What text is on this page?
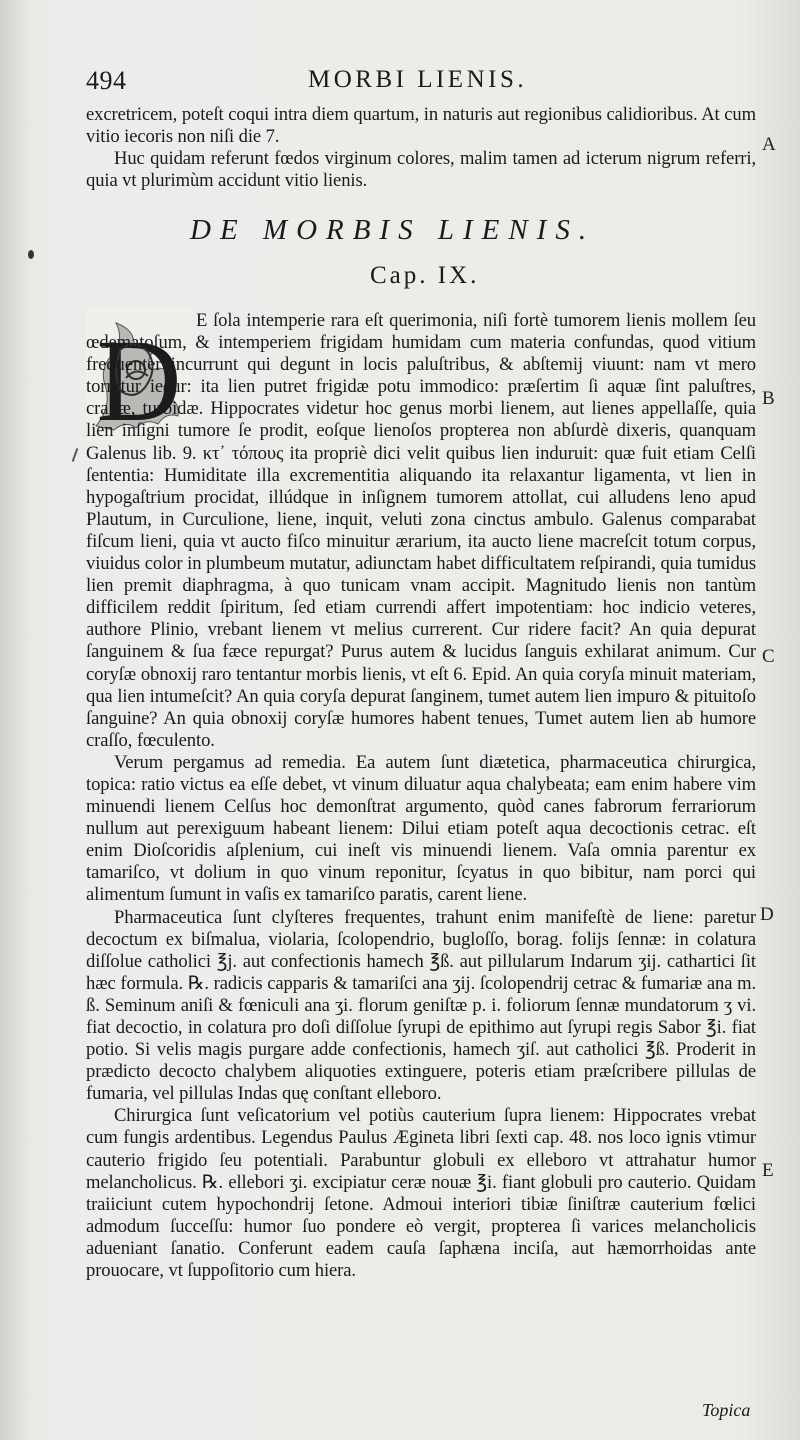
494	MORBI LIENIS.

excretricem, poteſt coqui intra diem quartum, in naturis aut regionibus calidioribus. At cum vitio iecoris non niſi die 7.

Huc quidam referunt fœdos virginum colores, malim tamen ad icterum nigrum referri, quia vt plurimùm accidunt vitio lienis.

DE MORBIS LIENIS.
Cap. IX.
D E ſola intemperie rara eſt querimonia, niſi fortè tumorem lienis mollem ſeu œdematoſum, & intemperiem frigidam humidam cum materia confundas, quod vitium frequenter incurrunt qui degunt in locis paluſtribus, & abſtemij viuunt: nam vt mero torretur iecur: ita lien putret frigidæ potu immodico: præſertim ſi aquæ ſint paluſtres, craſſæ, turbidæ. Hippocrates videtur hoc genus morbi lienem, aut lienes appellaſſe, quia lien inſigni tumore ſe prodit, eoſque lienoſos propterea non abſurdè dixeris, quanquam Galenus lib. 9. κτ᾽ τόπους ita propriè dici velit quibus lien induruit: quæ fuit etiam Celſi ſententia: Humiditate illa excrementitia aliquando ita relaxantur ligamenta, vt lien in hypogaſtrium procidat, illúdque in inſignem tumorem attollat, cui alludens leno apud Plautum, in Curculione, liene, inquit, veluti zona cinctus ambulo. Galenus comparabat fiſcum lieni, quia vt aucto fiſco minuitur ærarium, ita aucto liene macreſcit totum corpus, viuidus color in plumbeum mutatur, adiunctam habet difficultatem reſpirandi, quia tumidus lien premit diaphragma, à quo tunicam vnam accipit. Magnitudo lienis non tantùm difficilem reddit ſpiritum, ſed etiam currendi affert impotentiam: hoc indicio veteres, authore Plinio, vrebant lienem vt melius currerent. Cur ridere facit? An quia depurat ſanguinem & ſua fæce repurgat? Purus autem & lucidus ſanguis exhilarat animum. Cur coryſæ obnoxij raro tentantur morbis lienis, vt eſt 6. Epid. An quia coryſa minuit materiam, qua lien intumeſcit? An quia coryſa depurat ſanginem, tumet autem lien impuro & pituitoſo ſanguine? An quia obnoxij coryſæ humores habent tenues, Tumet autem lien ab humore craſſo, fœculento.

Verum pergamus ad remedia. Ea autem ſunt diætetica, pharmaceutica chirurgica, topica: ratio victus ea eſſe debet, vt vinum diluatur aqua chalybeata; eam enim habere vim minuendi lienem Celſus hoc demonſtrat argumento, quòd canes fabrorum ferrariorum nullum aut perexiguum habeant lienem: Dilui etiam poteſt aqua decoctionis cetrac. eſt enim Dioſcoridis aſplenium, cui ineſt vis minuendi lienem. Vaſa omnia parentur ex tamariſco, vt dolium in quo vinum reponitur, ſcyatus in quo bibitur, nam porci qui alimentum ſumunt in vaſis ex tamariſco paratis, carent liene.

Pharmaceutica ſunt clyſteres frequentes, trahunt enim manifeſtè de liene: paretur decoctum ex biſmalua, violaria, ſcolopendrio, bugloſſo, borag. folijs ſennæ: in colatura diſſolue catholici ℥j. aut confectionis hamech ℥ß. aut pillularum Indarum ʒij. cathartici ſit hæc formula. ℞. radicis capparis & tamariſci ana ʒij. ſcolopendrij cetrac & fumariæ ana m. ß. Seminum aniſi & fœniculi ana ʒi. florum geniſtæ p. i. foliorum ſennæ mundatorum ʒ vi. fiat decoctio, in colatura pro doſi diſſolue ſyrupi de epithimo aut ſyrupi regis Sabor ℥i. fiat potio. Si velis magis purgare adde confectionis, hamech ʒiſ. aut catholici ℥ß. Proderit in prædicto decocto chalybem aliquoties extinguere, poteris etiam præſcribere pillulas de fumaria, vel pillulas Indas quę conſtant elleboro.

Chirurgica ſunt veſicatorium vel potiùs cauterium ſupra lienem: Hippocrates vrebat cum fungis ardentibus. Legendus Paulus Ægineta libri ſexti cap. 48. nos loco ignis vtimur cauterio frigido ſeu potentiali. Parabuntur globuli ex elleboro vt attrahatur humor melancholicus. ℞. ellebori ʒi. excipiatur ceræ nouæ ℥i. fiant globuli pro cauterio. Quidam traiiciunt cutem hypochondrij ſetone. Admoui interiori tibiæ ſiniſtræ cauterium fœlici admodum ſucceſſu: humor ſuo pondere eò vergit, propterea ſi varices melancholicis adueniant ſanatio. Conferunt eadem cauſa ſaphæna inciſa, aut hæmorrhoidas ante prouocare, vt ſuppoſitorio cum hiera.

A
B
C
D
E
Topica
